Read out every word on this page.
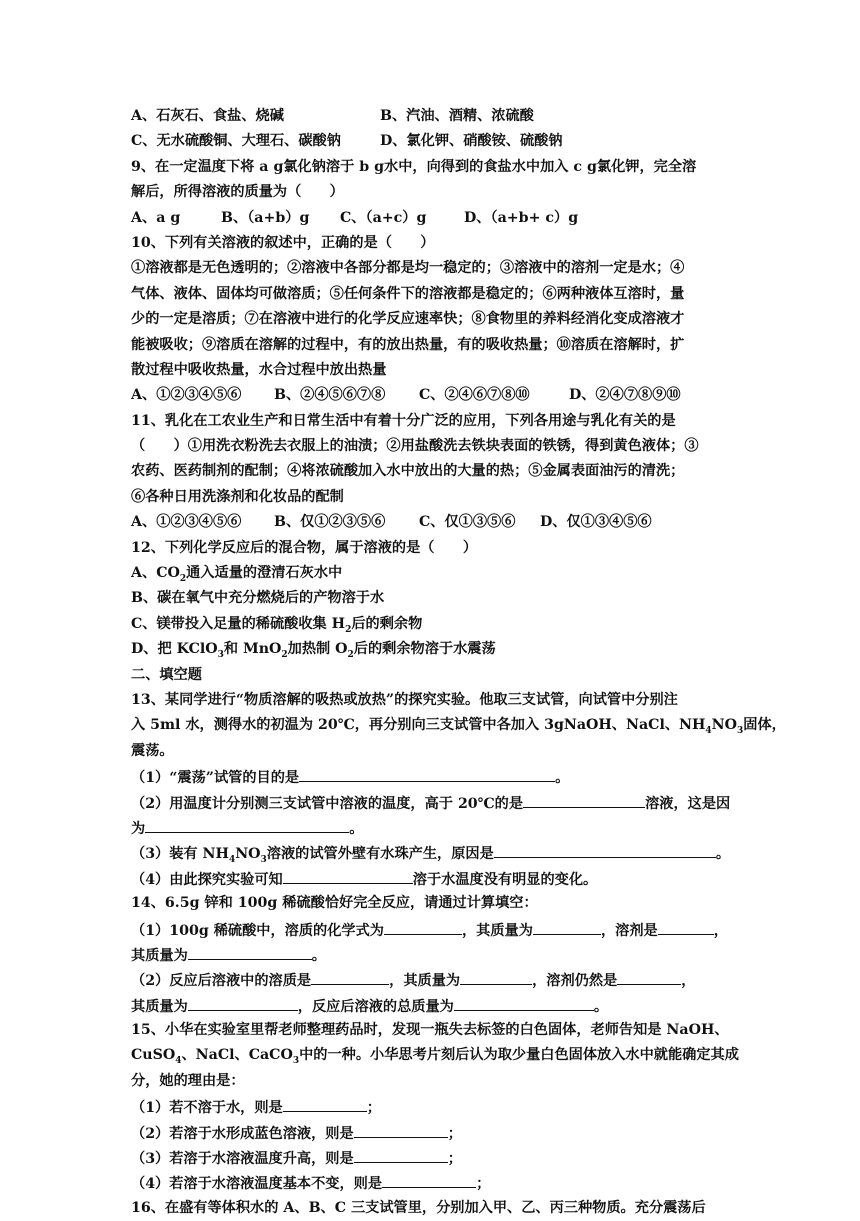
A、石灰石、食盐、烧碱	B、汽油、酒精、浓硫酸
C、无水硫酸铜、大理石、碳酸钠	D、氯化钾、硝酸铵、硫酸钠
9、在一定温度下将 a g氯化钠溶于 b g水中，向得到的食盐水中加入 c g氯化钾，完全溶
解后，所得溶液的质量为（　　）
A、a g	B、（a+b）g C、（a+c）g	D、（a+b+ c）g
10、下列有关溶液的叙述中，正确的是（　　）
①溶液都是无色透明的；②溶液中各部分都是均一稳定的；③溶液中的溶剂一定是水；④
气体、液体、固体均可做溶质；⑤任何条件下的溶液都是稳定的；⑥两种液体互溶时，量
少的一定是溶质；⑦在溶液中进行的化学反应速率快；⑧食物里的养料经消化变成溶液才
能被吸收；⑨溶质在溶解的过程中，有的放出热量，有的吸收热量；⑩溶质在溶解时，扩
散过程中吸收热量，水合过程中放出热量
A、①②③④⑤⑥ B、②④⑤⑥⑦⑧ C、②④⑥⑦⑧⑩	D、②④⑦⑧⑨⑩
11、乳化在工农业生产和日常生活中有着十分广泛的应用，下列各用途与乳化有关的是
（　　）①用洗衣粉洗去衣服上的油渍；②用盐酸洗去铁块表面的铁锈，得到黄色液体；③
农药、医药制剂的配制；④将浓硫酸加入水中放出的大量的热；⑤金属表面油污的清洗；
⑥各种日用洗涤剂和化妆品的配制
A、①②③④⑤⑥ B、仅①②③⑤⑥ C、仅①③⑤⑥ D、仅①③④⑤⑥
12、下列化学反应后的混合物，属于溶液的是（　　）
A、$CO_2$通入适量的澄清石灰水中
B、碳在氧气中充分燃烧后的产物溶于水
C、镁带投入足量的稀硫酸收集 $H_2$后的剩余物
D、把 KClO$_3$和 MnO$_2$加热制 $O_2$后的剩余物溶于水震荡
二、填空题
13、某同学进行“物质溶解的吸热或放热”的探究实验。他取三支试管，向试管中分别注
入 5ml 水，测得水的初温为 20℃，再分别向三支试管中各加入 3gNaOH、NaCl、$NH_4NO_3$固体，
震荡。
（1）“震荡”试管的目的是	。
（2）用温度计分别测三支试管中溶液的温度，高于 20℃的是	溶液，这是因
为	。
（3）装有 $NH_4NO_3$溶液的试管外壁有水珠产生，原因是	。
（4）由此探究实验可知	溶于水温度没有明显的变化。
14、6.5g 锌和 100g 稀硫酸恰好完全反应，请通过计算填空：
（1）100g 稀硫酸中，溶质的化学式为	，其质量为	，溶剂是	，
其质量为	。
（2）反应后溶液中的溶质是	，其质量为	，溶剂仍然是	，
其质量为	，反应后溶液的总质量为	。
15、小华在实验室里帮老师整理药品时，发现一瓶失去标签的白色固体，老师告知是 NaOH、
CuSO$_4$、NaCl、CaCO$_3$中的一种。小华思考片刻后认为取少量白色固体放入水中就能确定其成
分，她的理由是：
（1）若不溶于水，则是	；
（2）若溶于水形成蓝色溶液，则是	；
（3）若溶于水溶液温度升高，则是	；
（4）若溶于水溶液温度基本不变，则是	；
16、在盛有等体积水的 A、B、C 三支试管里，分别加入甲、乙、丙三种物质。充分震荡后
